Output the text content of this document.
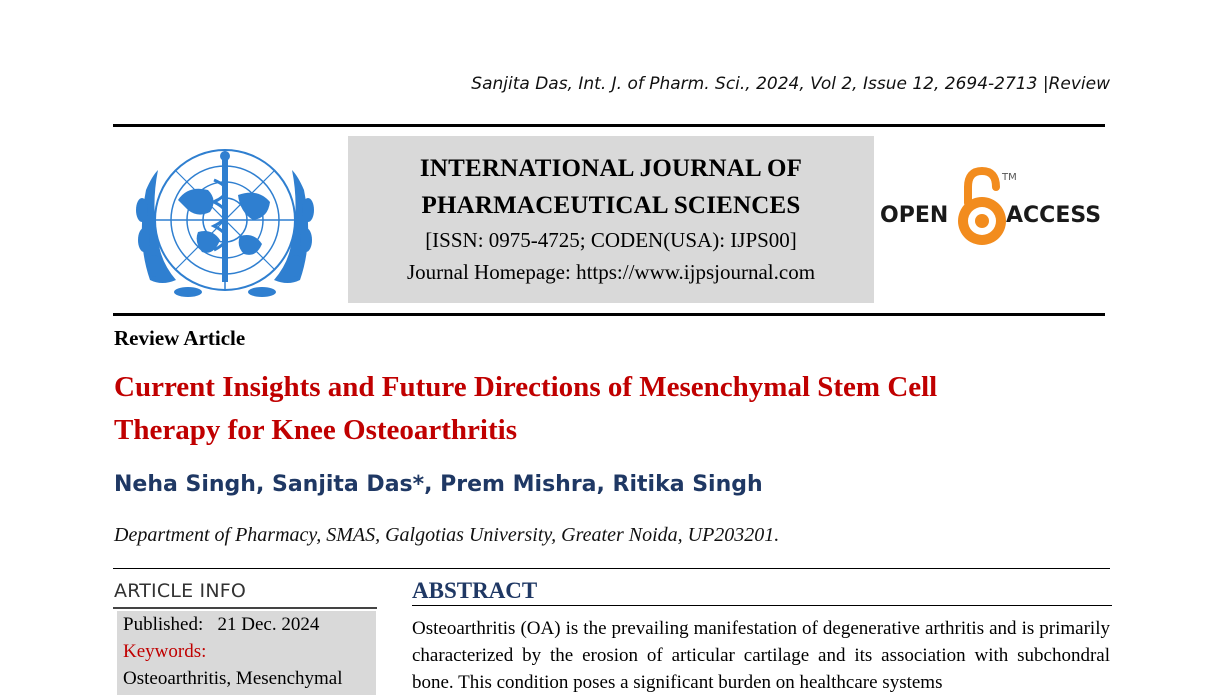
Sanjita Das, Int. J. of Pharm. Sci., 2024, Vol 2, Issue 12, 2694-2713 |Review
INTERNATIONAL JOURNAL OF
PHARMACEUTICAL SCIENCES
[ISSN: 0975-4725; CODEN(USA): IJPS00]
Journal Homepage: https://www.ijpsjournal.com
OPEN	ACCESS
TM
Review Article
Current Insights and Future Directions of Mesenchymal Stem Cell
Therapy for Knee Osteoarthritis
Neha Singh, Sanjita Das*, Prem Mishra, Ritika Singh
Department of Pharmacy, SMAS, Galgotias University, Greater Noida, UP203201.
ARTICLE INFO
Published: 21 Dec. 2024
Keywords:
Osteoarthritis, Mesenchymal
ABSTRACT
Osteoarthritis (OA) is the prevailing manifestation of degenerative arthritis and is primarily characterized by the erosion of articular cartilage and its association with subchondral bone. This condition poses a significant burden on healthcare systems
